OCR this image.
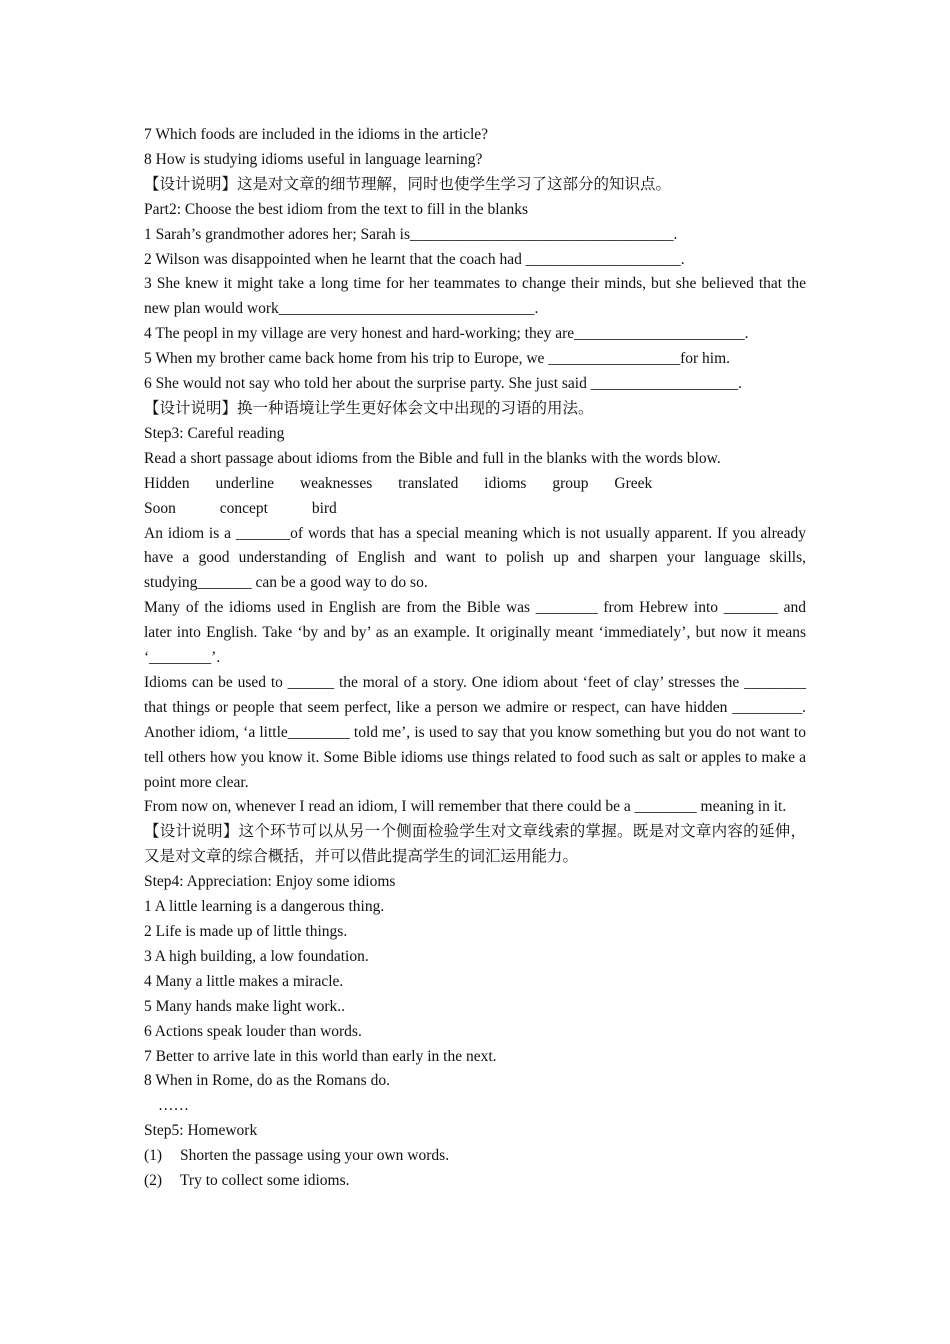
7 Which foods are included in the idioms in the article?
8 How is studying idioms useful in language learning?
【设计说明】这是对文章的细节理解，同时也使学生学习了这部分的知识点。
Part2: Choose the best idiom from the text to fill in the blanks
1 Sarah’s grandmother adores her; Sarah is__________________________________.
2 Wilson was disappointed when he learnt that the coach had ____________________.
3 She knew it might take a long time for her teammates to change their minds, but she believed that the new plan would work_________________________________.
4 The peopl in my village are very honest and hard-working; they are______________________.
5 When my brother came back home from his trip to Europe, we _________________for him.
6 She would not say who told her about the surprise party. She just said ___________________.
【设计说明】换一种语境让学生更好体会文中出现的习语的用法。
Step3: Careful reading
Read a short passage about idioms from the Bible and full in the blanks with the words blow.
Hidden underline weaknesses translated idioms group Greek
Soon	concept	bird
An idiom is a _______of words that has a special meaning which is not usually apparent. If you already have a good understanding of English and want to polish up and sharpen your language skills, studying_______ can be a good way to do so.
Many of the idioms used in English are from the Bible was ________ from Hebrew into _______ and later into English. Take ‘by and by’ as an example. It originally meant ‘immediately’, but now it means ‘________’.
Idioms can be used to ______ the moral of a story. One idiom about ‘feet of clay’ stresses the ________ that things or people that seem perfect, like a person we admire or respect, can have hidden _________. Another idiom, ‘a little________ told me’, is used to say that you know something but you do not want to tell others how you know it. Some Bible idioms use things related to food such as salt or apples to make a point more clear.
From now on, whenever I read an idiom, I will remember that there could be a ________ meaning in it.
【设计说明】这个环节可以从另一个侧面检验学生对文章线索的掌握。既是对文章内容的延伸，又是对文章的综合概括，并可以借此提高学生的词汇运用能力。
Step4: Appreciation: Enjoy some idioms
1 A little learning is a dangerous thing.
2 Life is made up of little things.
3 A high building, a low foundation.
4 Many a little makes a miracle.
5 Many hands make light work..
6 Actions speak louder than words.
7 Better to arrive late in this world than early in the next.
8 When in Rome, do as the Romans do.
……
Step5: Homework
(1) Shorten the passage using your own words.
(2) Try to collect some idioms.
